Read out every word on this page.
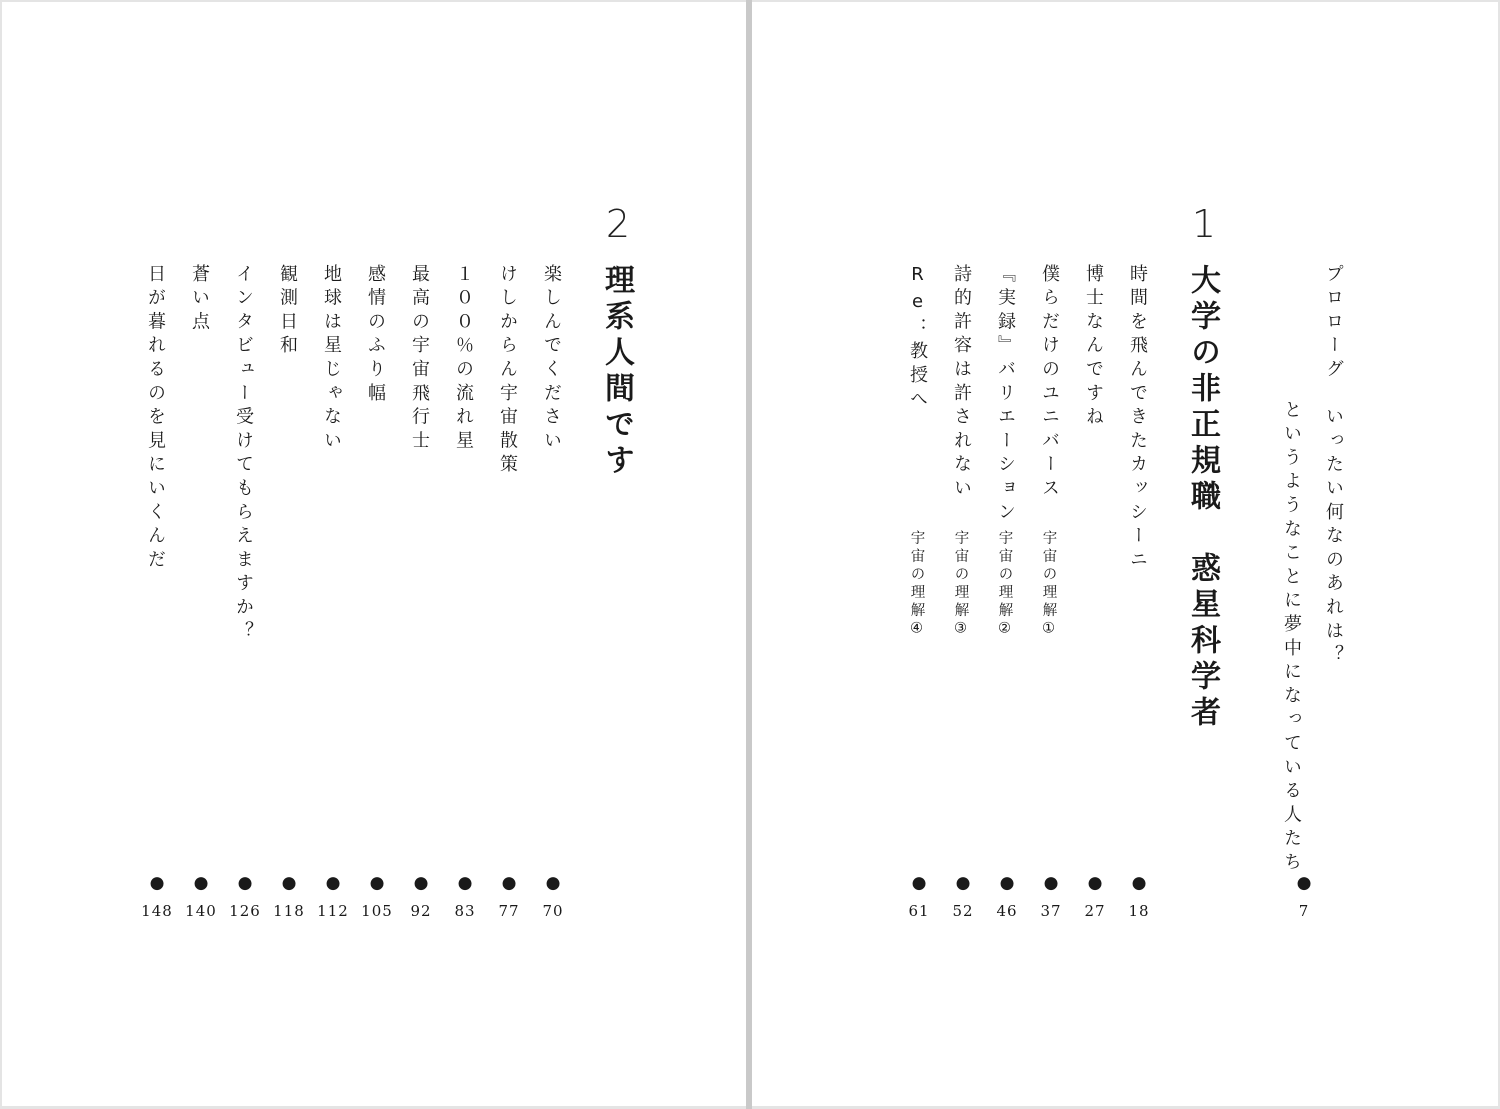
プロローグ　いったい何なのあれは？
というようなことに夢中になっている人たち
●
7
1
大学の非正規職　惑星科学者
時間を飛んできたカッシーニ
博士なんですね
僕らだけのユニバース
宇宙の理解①
『実録』バリエーション
宇宙の理解②
詩的許容は許されない
宇宙の理解③
Re：教授へ
宇宙の理解④
●
●
●
●
●
●
18
27
37
46
52
61
2
理系人間です
楽しんでください
けしからん宇宙散策
１００％の流れ星
最高の宇宙飛行士
感情のふり幅
地球は星じゃない
観測日和
インタビュー受けてもらえますか？
蒼い点
日が暮れるのを見にいくんだ
●
●
●
●
●
●
●
●
●
●
70
77
83
92
105
112
118
126
140
148
